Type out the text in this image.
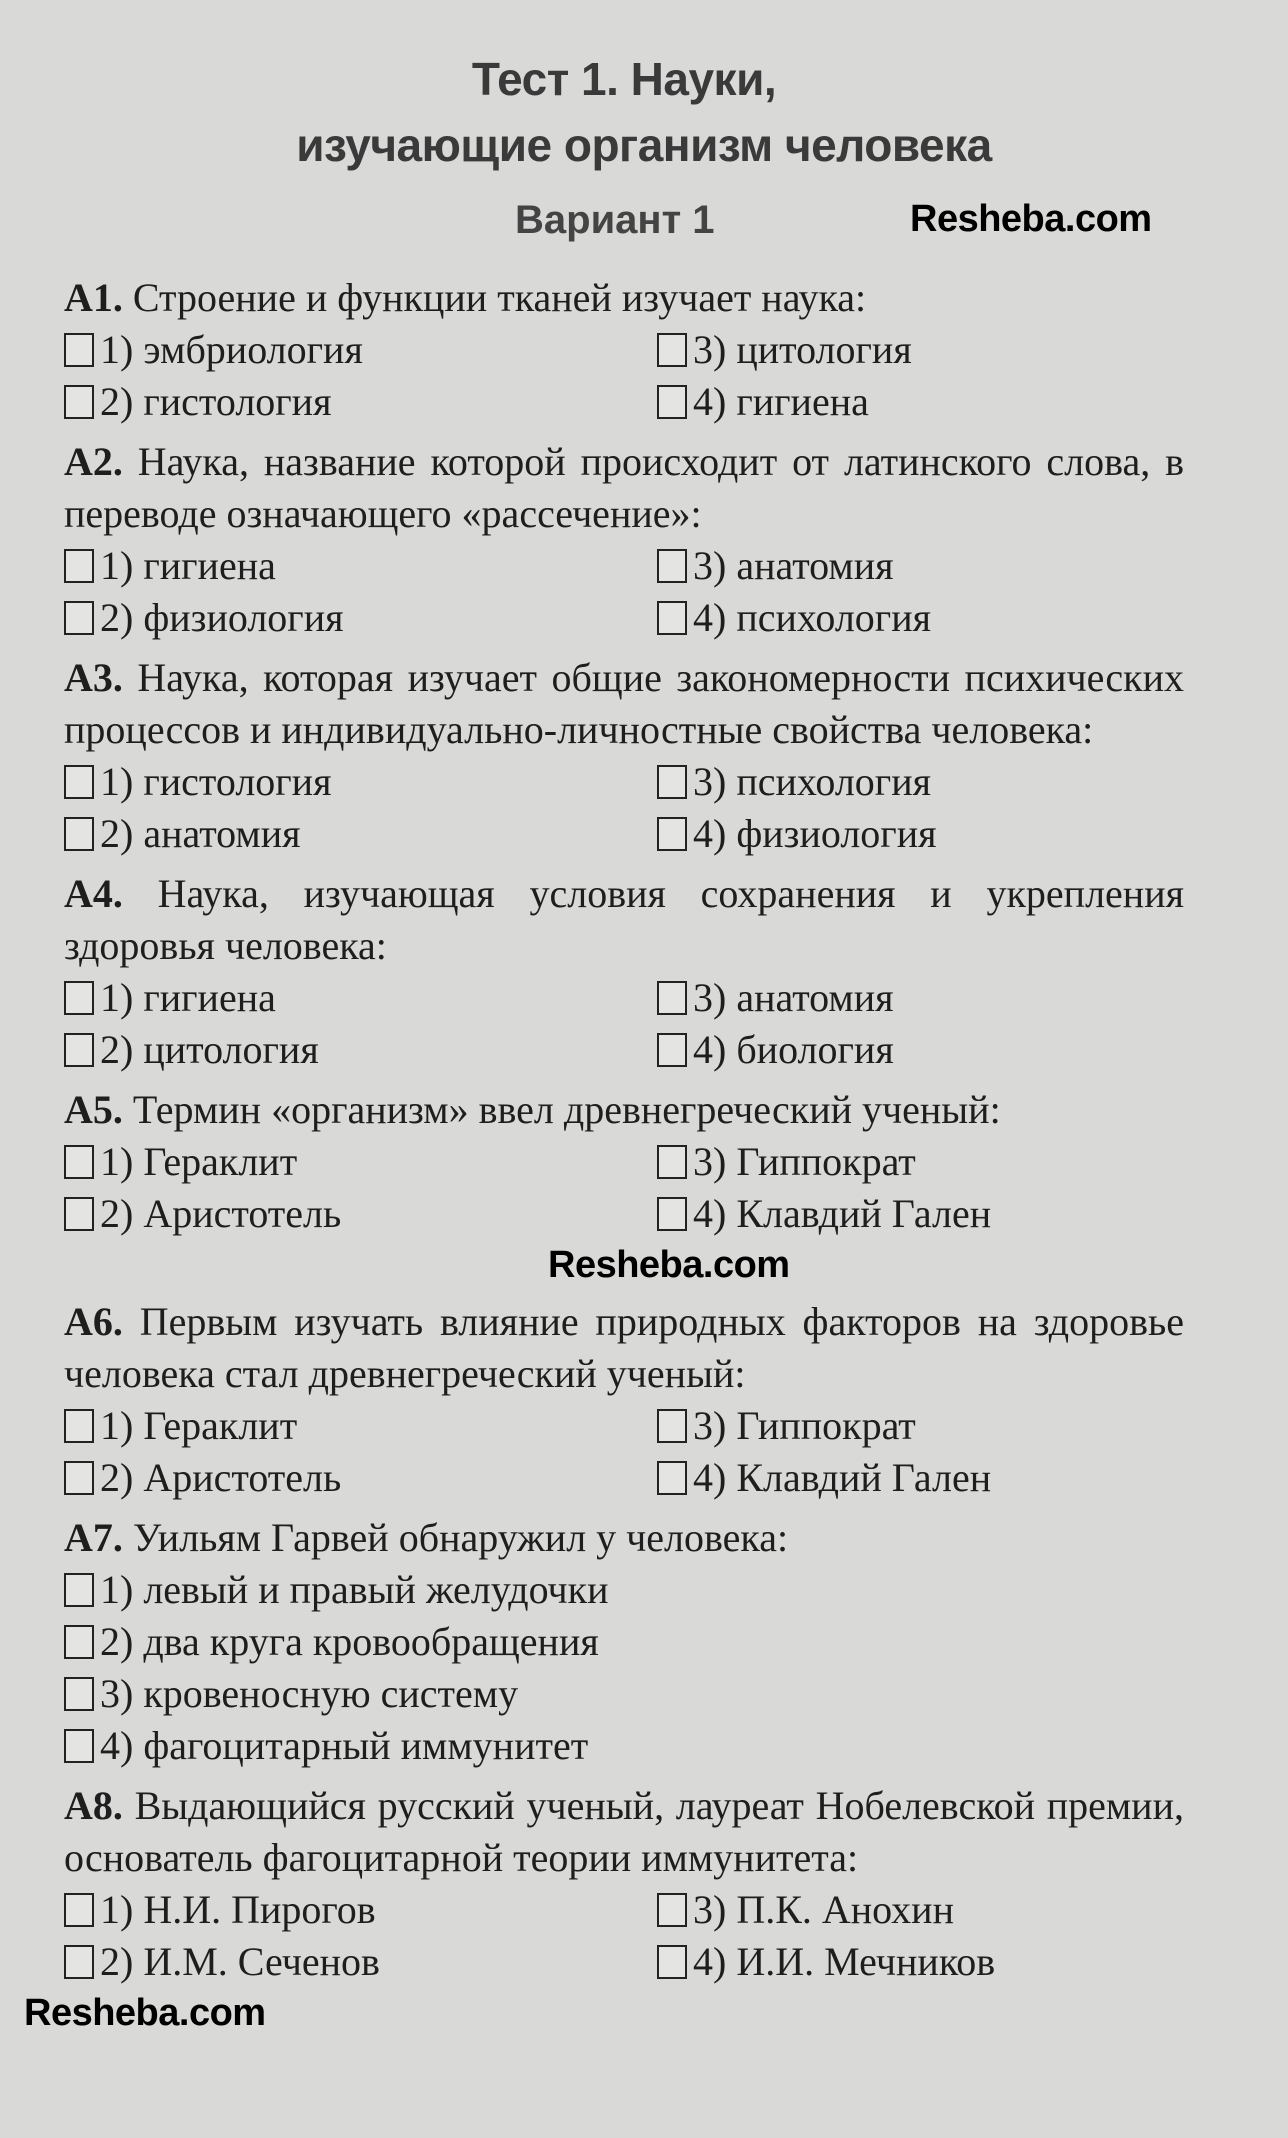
Тест 1. Науки,
изучающие организм человека
Вариант 1	Resheba.com
А1. Строение и функции тканей изучает наука:
1) эмбриология
2) гистология
3) цитология
4) гигиена
А2. Наука, название которой происходит от латинского слова, в переводе означающего «рассечение»:
1) гигиена
2) физиология
3) анатомия
4) психология
А3. Наука, которая изучает общие закономерности психических процессов и индивидуально-личностные свойства человека:
1) гистология
2) анатомия
3) психология
4) физиология
А4. Наука, изучающая условия сохранения и укрепления здоровья человека:
1) гигиена
2) цитология
3) анатомия
4) биология
А5. Термин «организм» ввел древнегреческий ученый:
1) Гераклит
2) Аристотель
3) Гиппократ
4) Клавдий Гален
Resheba.com
А6. Первым изучать влияние природных факторов на здоровье человека стал древнегреческий ученый:
1) Гераклит
2) Аристотель
3) Гиппократ
4) Клавдий Гален
А7. Уильям Гарвей обнаружил у человека:
1) левый и правый желудочки
2) два круга кровообращения
3) кровеносную систему
4) фагоцитарный иммунитет
А8. Выдающийся русский ученый, лауреат Нобелевской премии, основатель фагоцитарной теории иммунитета:
1) Н.И. Пирогов
2) И.М. Сеченов
3) П.К. Анохин
4) И.И. Мечников
Resheba.com
